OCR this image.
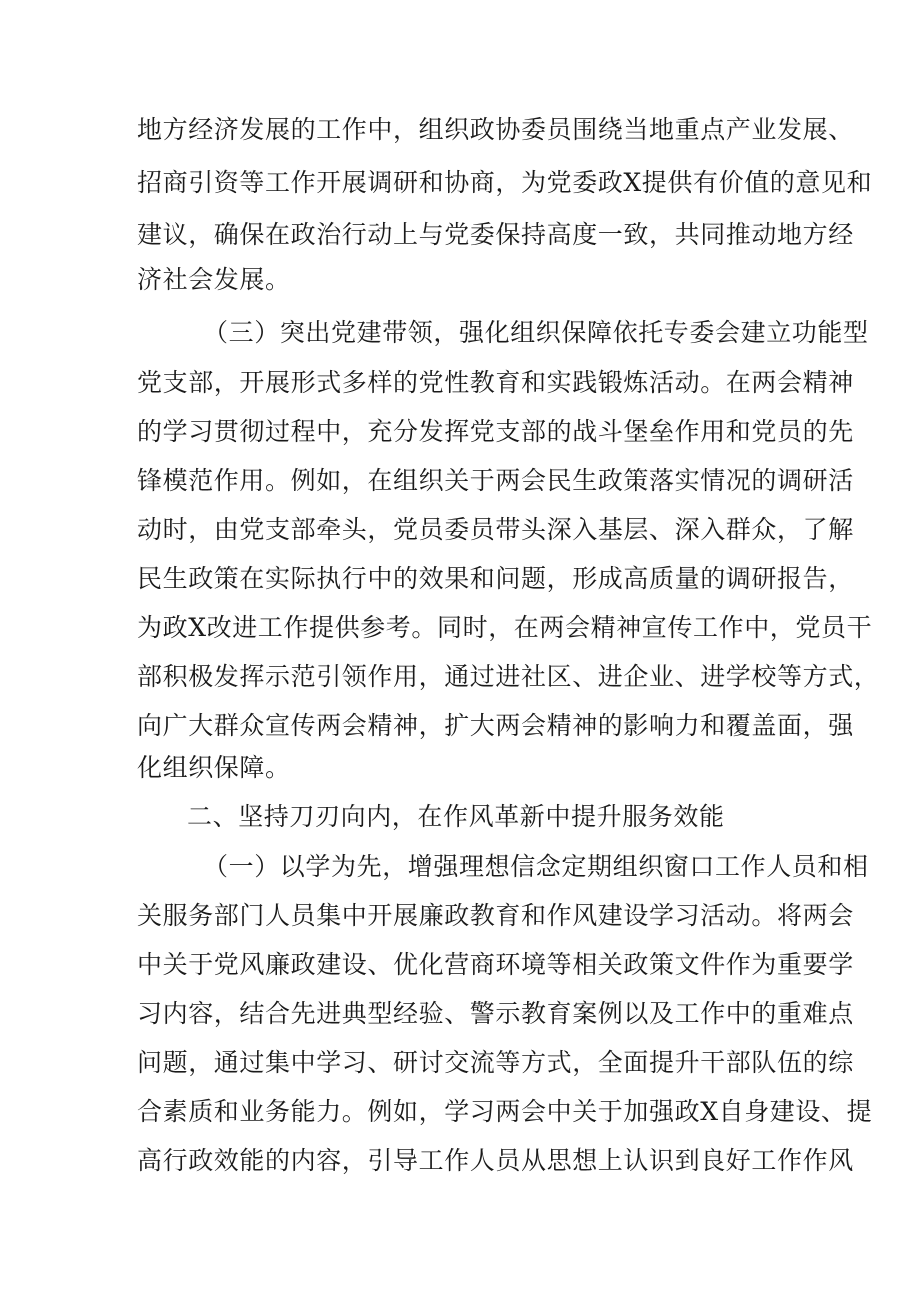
地方经济发展的工作中，组织政协委员围绕当地重点产业发展、
招商引资等工作开展调研和协商，为党委政X提供有价值的意见和
建议，确保在政治行动上与党委保持高度一致，共同推动地方经
济社会发展。
（三）突出党建带领，强化组织保障依托专委会建立功能型
党支部，开展形式多样的党性教育和实践锻炼活动。在两会精神
的学习贯彻过程中，充分发挥党支部的战斗堡垒作用和党员的先
锋模范作用。例如，在组织关于两会民生政策落实情况的调研活
动时，由党支部牵头，党员委员带头深入基层、深入群众，了解
民生政策在实际执行中的效果和问题，形成高质量的调研报告，
为政X改进工作提供参考。同时，在两会精神宣传工作中，党员干
部积极发挥示范引领作用，通过进社区、进企业、进学校等方式，
向广大群众宣传两会精神，扩大两会精神的影响力和覆盖面，强
化组织保障。
二、坚持刀刃向内，在作风革新中提升服务效能
（一）以学为先，增强理想信念定期组织窗口工作人员和相
关服务部门人员集中开展廉政教育和作风建设学习活动。将两会
中关于党风廉政建设、优化营商环境等相关政策文件作为重要学
习内容，结合先进典型经验、警示教育案例以及工作中的重难点
问题，通过集中学习、研讨交流等方式，全面提升干部队伍的综
合素质和业务能力。例如，学习两会中关于加强政X自身建设、提
高行政效能的内容，引导工作人员从思想上认识到良好工作作风
